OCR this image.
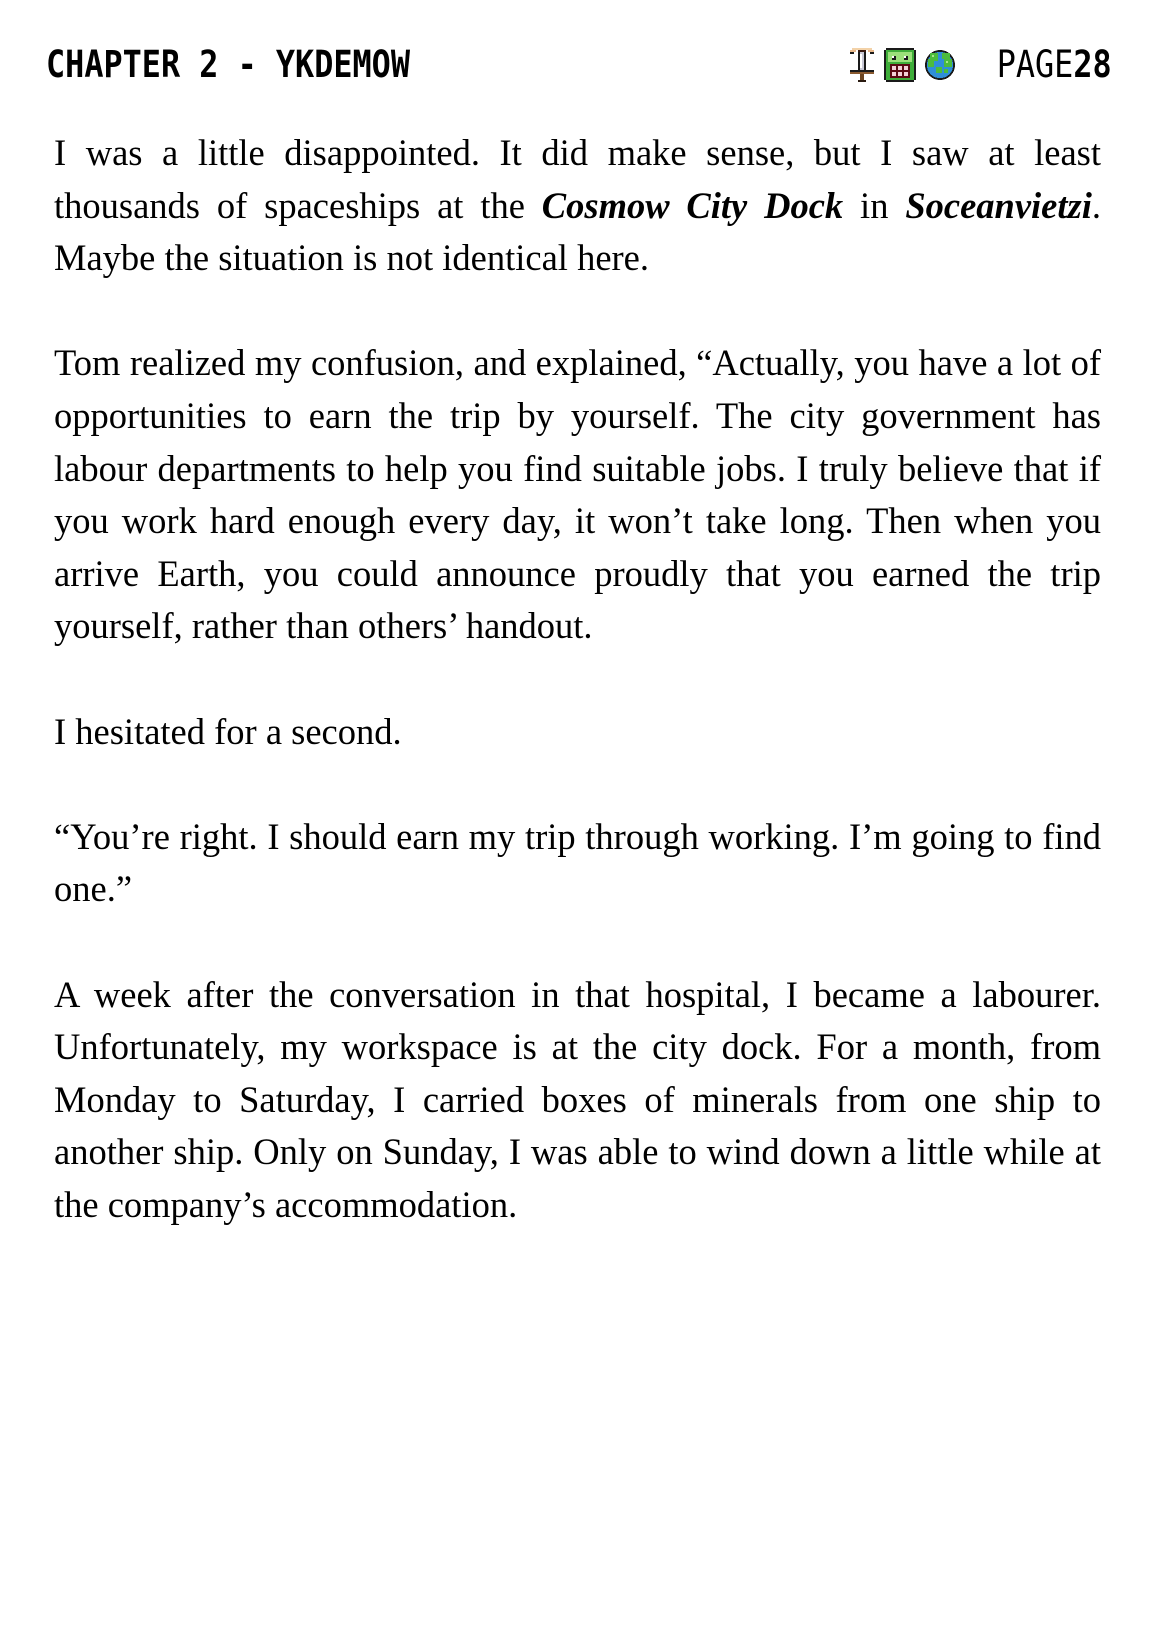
CHAPTER 2 - YKDEMOW	PAGE28

I was a little disappointed. It did make sense, but I saw at least thousands of spaceships at the Cosmow City Dock in Soceanvietzi. Maybe the situation is not identical here.

Tom realized my confusion, and explained, “Actually, you have a lot of opportunities to earn the trip by yourself. The city government has labour departments to help you find suitable jobs. I truly believe that if you work hard enough every day, it won’t take long. Then when you arrive Earth, you could announce proudly that you earned the trip yourself, rather than others’ handout.

I hesitated for a second.

“You’re right. I should earn my trip through working. I’m going to find one.”

A week after the conversation in that hospital, I became a labourer. Unfortunately, my workspace is at the city dock. For a month, from Monday to Saturday, I carried boxes of minerals from one ship to another ship. Only on Sunday, I was able to wind down a little while at the company’s accommodation.
